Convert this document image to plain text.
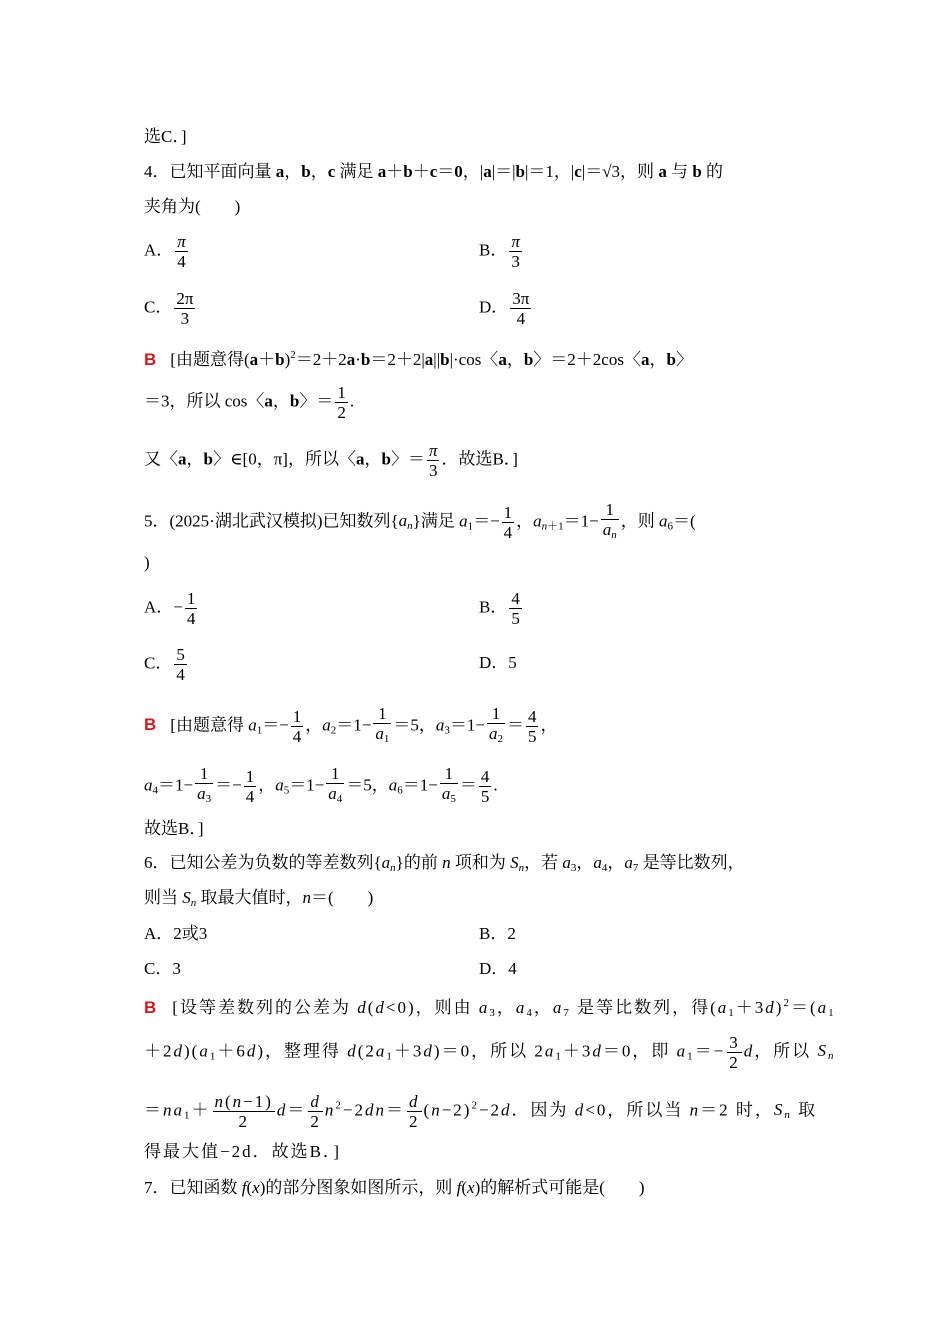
选C．]
4．已知平面向量 a，b，c 满足 a＋b＋c＝0，|a|＝|b|＝1，|c|＝√3，则 a 与 b 的
夹角为(　　)
A． $\frac{\pi}{4}$	B． $\frac{\pi}{3}$
C． $\frac{2\pi}{3}$	D． $\frac{3\pi}{4}$
B [由题意得$(a+b)^2=2+2a\cdot b=2+2|a||b|\cdot\cos$〈a，b〉＝2＋2cos〈a，b〉
＝3，所以 cos〈a，b〉＝ $\frac{1}{2}$ .
又〈a，b〉∈[0，π]，所以〈a，b〉＝ $\frac{\pi}{3}$ ．故选B．]
5．(2025·湖北武汉模拟)已知数列$\{a_n\}$满足 $a_1=- \frac{1}{4}$ ，$a_{n+1}=1- \frac{1}{a_n}$ ，则 $a_6=$(
)
A．− $\frac{1}{4}$	B． $\frac{4}{5}$
C． $\frac{5}{4}$	D．5
B [由题意得 $a_1=- \frac{1}{4}$ ，$a_2=1- \frac{1}{a_1} =5$，$a_3=1- \frac{1}{a_2} = \frac{4}{5}$ ，
$a_4=1- \frac{1}{a_3} =- \frac{1}{4}$ ，$a_5=1- \frac{1}{a_4} =5$，$a_6=1- \frac{1}{a_5} = \frac{4}{5}$ .
故选B．]
6．已知公差为负数的等差数列$\{a_n\}$的前 n 项和为 $S_n$，若 $a_3$，$a_4$，$a_7$ 是等比数列，
则当 $S_n$ 取最大值时，n＝(　　)
A．2或3	B．2
C．3	D．4
B [设等差数列的公差为 d(d<0)，则由 $a_3$，$a_4$，$a_7$ 是等比数列，得$(a_1+3d)^2=(a_1$
$+2d)(a_1+6d)$，整理得 $d(2a_1+3d)=0$，所以 $2a_1+3d=0$，即 $a_1=- \frac{3}{2}$ d，所以 $S_n$
$=na_1+ \frac{n(n-1)}{2} d= \frac{d}{2} n^2-2dn= \frac{d}{2} (n-2)^2-2d$．因为 d<0，所以当 n＝2 时，$S_n$ 取
得最大值−2d．故选B．]
7．已知函数 f(x)的部分图象如图所示，则 f(x)的解析式可能是(　　)
